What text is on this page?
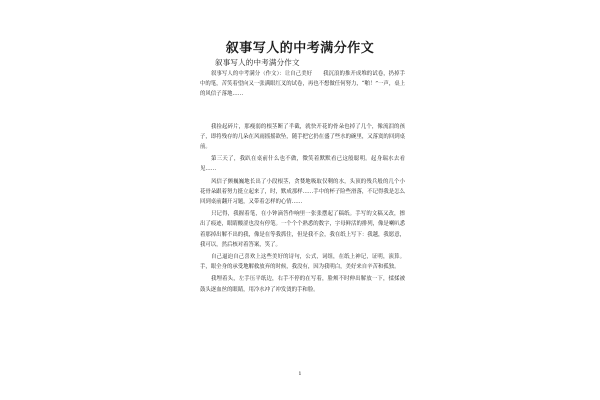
叙事写人的中考满分作文
叙事写人的中考满分作文

叙事写人的中考满分（作文）：让自己美好　　我沉浪的推开成堆的试卷，扔掉手中的笔，苦笑着望向又一张满眼红叉的试卷，再也不想做任何努力，“啪！”一声，桌上的风信子落地……

我捡起碎片，那瘦弱的根茎断了半截，就快开花的骨朵也掉了几个，像流泪的孩子，即将残存的几朵在风雨摇摇欲坠，随手把它扔在盛了些水的碗里，又落寞的回到桌前。

第三天了，我趴在桌前什么也不做，微笑着默默看已这般聪明。起身瑞水去看见……

风信子颤巍巍地长出了小段根茎，贪婪地吸取仅剩的水，头顶的残兵般的几个小花骨朵跟着努力挺立起来了，时，默成那样……手中的杯子险些滑落，不记得我是怎么回到桌前翻开习题，又带着怎样的心情……

只记得，我握着笔，在小钟滴答作响里一张张摆起了稿纸。手写的文稿又改，擦出了痕迹，眼睛酸涩也没有停笔。一个个个熟悉的数字，字母鲜活的排列，像是喇叭悉着那掉出解不出的我，像是在等我抓住，但是我不会，我在纸上写下：我越，我愿意，我可以，然后核对着答案，笑了。

自己逼迫自己喜欢上这些美好的诗句，公式，词组，在纸上神记，证明，演算。手，眼全身的承受地解救放弃的时候，我没有，因为我明白，美好来自辛苦和孤独。

我埋着头，左手压平纸边，右手不停的在写着，脸颊不时伸出解放一下，揉揉被鼓头逐血丝的眼睛，用冷水冲了冲发烫的手和脸。

1
